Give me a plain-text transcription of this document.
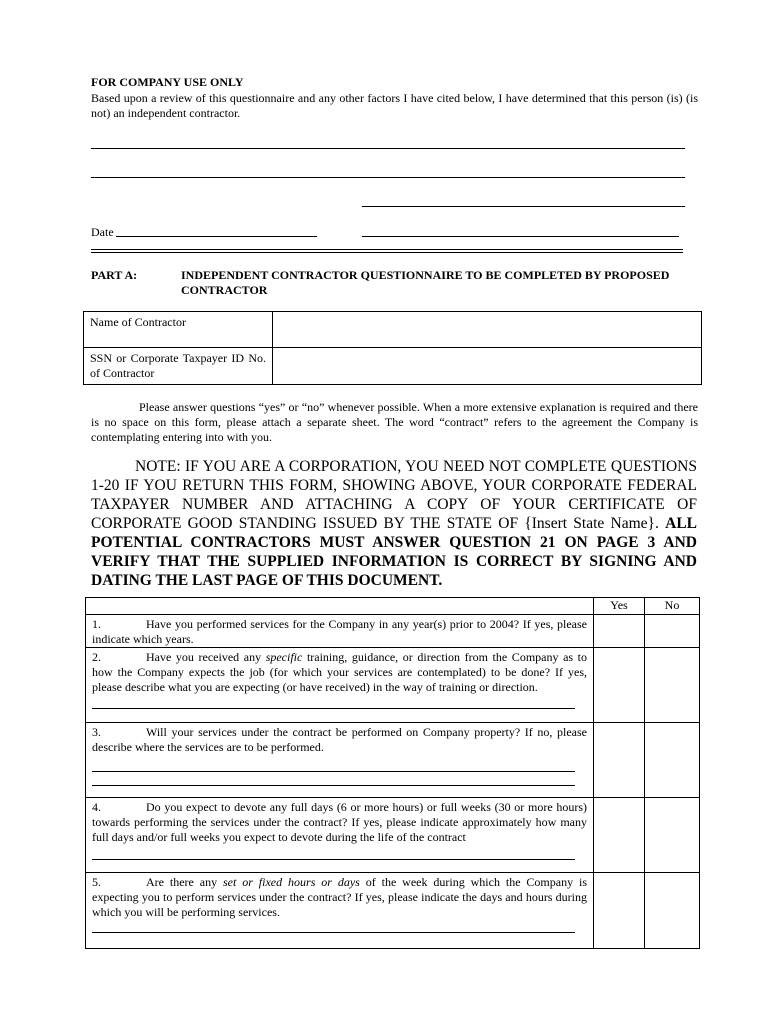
FOR COMPANY USE ONLY
Based upon a review of this questionnaire and any other factors I have cited below, I have determined that this person (is) (is not) an independent contractor.
Date
PART A:	INDEPENDENT CONTRACTOR QUESTIONNAIRE TO BE COMPLETED BY PROPOSED CONTRACTOR
Name of Contractor	
SSN or Corporate Taxpayer ID No. of Contractor	
Please answer questions “yes” or “no” whenever possible. When a more extensive explanation is required and there is no space on this form, please attach a separate sheet. The word “contract” refers to the agreement the Company is contemplating entering into with you.
NOTE: IF YOU ARE A CORPORATION, YOU NEED NOT COMPLETE QUESTIONS 1-20 IF YOU RETURN THIS FORM, SHOWING ABOVE, YOUR CORPORATE FEDERAL TAXPAYER NUMBER AND ATTACHING A COPY OF YOUR CERTIFICATE OF CORPORATE GOOD STANDING ISSUED BY THE STATE OF {Insert State Name}. ALL POTENTIAL CONTRACTORS MUST ANSWER QUESTION 21 ON PAGE 3 AND VERIFY THAT THE SUPPLIED INFORMATION IS CORRECT BY SIGNING AND DATING THE LAST PAGE OF THIS DOCUMENT.
	Yes	No

1. Have you performed services for the Company in any year(s) prior to 2004? If yes, please indicate which years.		

2. Have you received any specific training, guidance, or direction from the Company as to how the Company expects the job (for which your services are contemplated) to be done? If yes, please describe what you are expecting (or have received) in the way of training or direction.		

3. Will your services under the contract be performed on Company property? If no, please describe where the services are to be performed.		

4. Do you expect to devote any full days (6 or more hours) or full weeks (30 or more hours) towards performing the services under the contract? If yes, please indicate approximately how many full days and/or full weeks you expect to devote during the life of the contract		

5. Are there any set or fixed hours or days of the week during which the Company is expecting you to perform services under the contract? If yes, please indicate the days and hours during which you will be performing services.		
